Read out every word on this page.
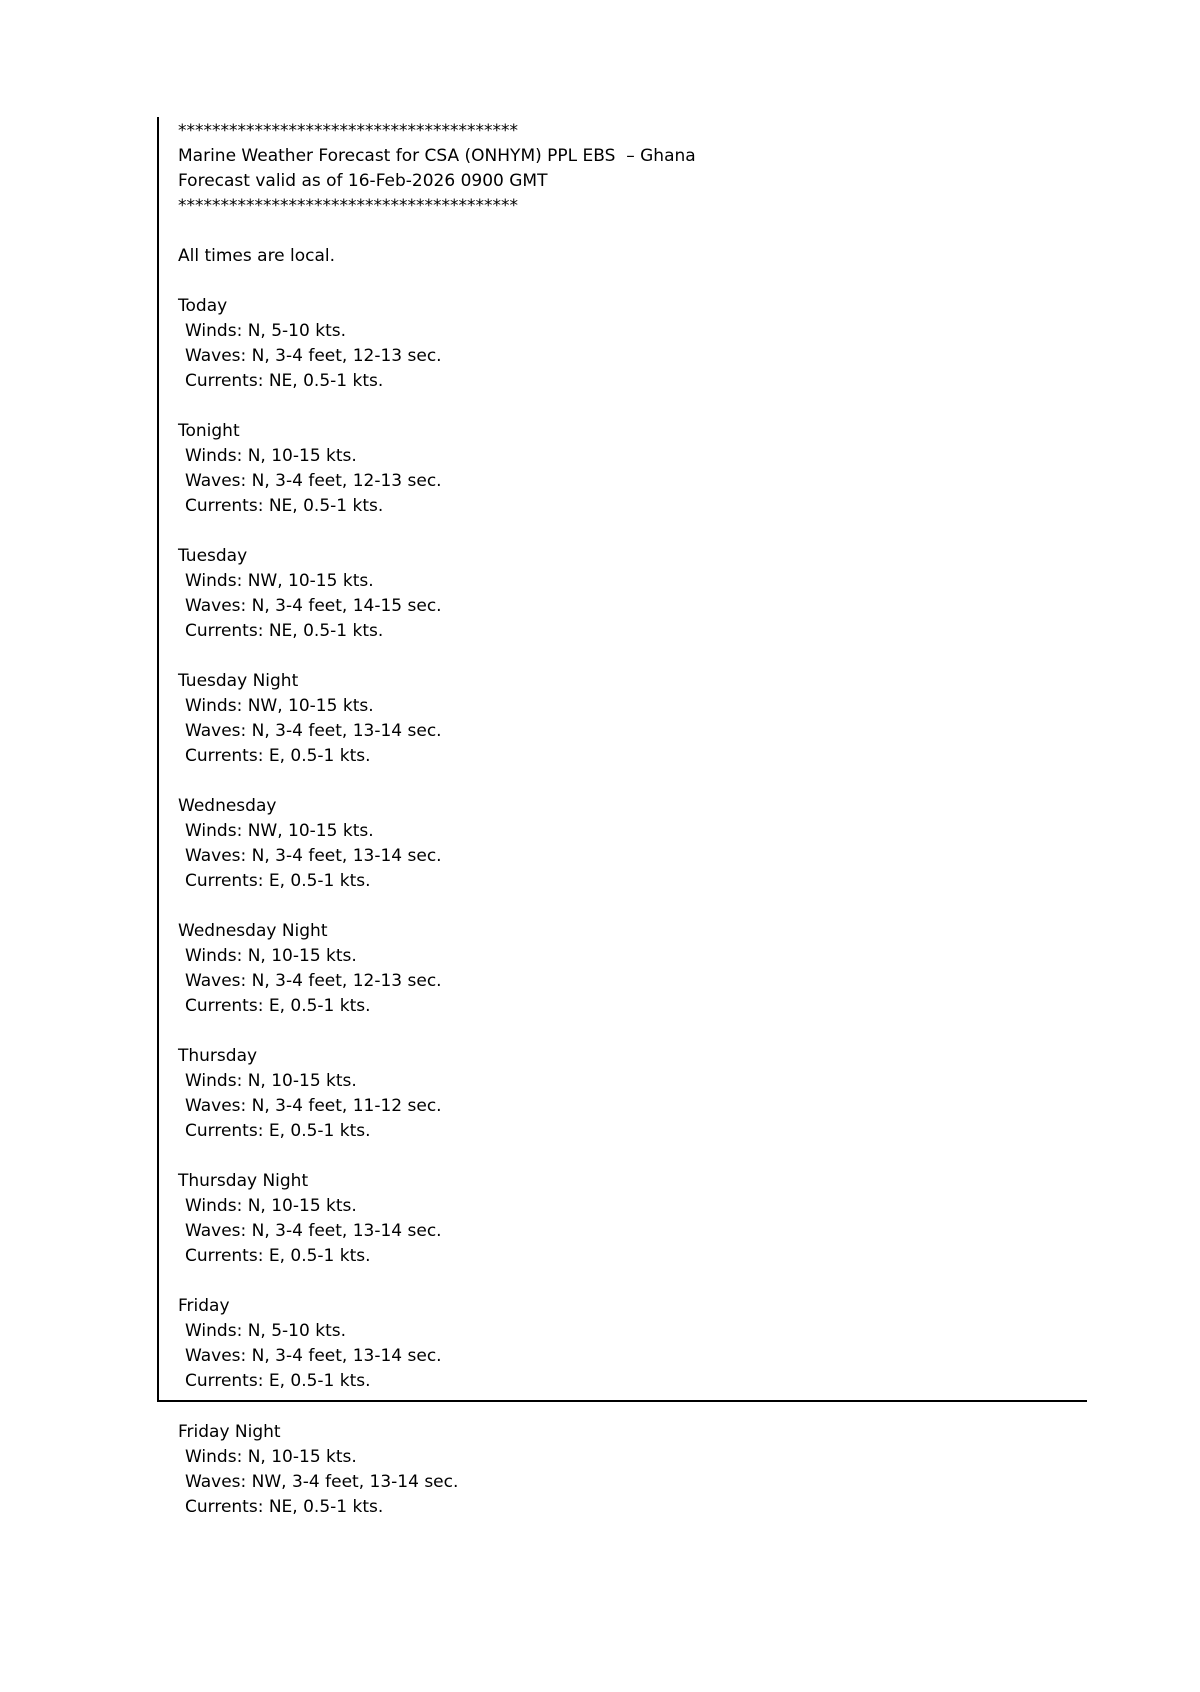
****************************************

Marine Weather Forecast for CSA (ONHYM) PPL EBS  – Ghana

Forecast valid as of 16-Feb-2026 0900 GMT

****************************************

All times are local.

Today

Winds: N, 5-10 kts.

Waves: N, 3-4 feet, 12-13 sec.

Currents: NE, 0.5-1 kts.

Tonight

Winds: N, 10-15 kts.

Waves: N, 3-4 feet, 12-13 sec.

Currents: NE, 0.5-1 kts.

Tuesday

Winds: NW, 10-15 kts.

Waves: N, 3-4 feet, 14-15 sec.

Currents: NE, 0.5-1 kts.

Tuesday Night

Winds: NW, 10-15 kts.

Waves: N, 3-4 feet, 13-14 sec.

Currents: E, 0.5-1 kts.

Wednesday

Winds: NW, 10-15 kts.

Waves: N, 3-4 feet, 13-14 sec.

Currents: E, 0.5-1 kts.

Wednesday Night

Winds: N, 10-15 kts.

Waves: N, 3-4 feet, 12-13 sec.

Currents: E, 0.5-1 kts.

Thursday

Winds: N, 10-15 kts.

Waves: N, 3-4 feet, 11-12 sec.

Currents: E, 0.5-1 kts.

Thursday Night

Winds: N, 10-15 kts.

Waves: N, 3-4 feet, 13-14 sec.

Currents: E, 0.5-1 kts.

Friday

Winds: N, 5-10 kts.

Waves: N, 3-4 feet, 13-14 sec.

Currents: E, 0.5-1 kts.

Friday Night

Winds: N, 10-15 kts.

Waves: NW, 3-4 feet, 13-14 sec.

Currents: NE, 0.5-1 kts.
